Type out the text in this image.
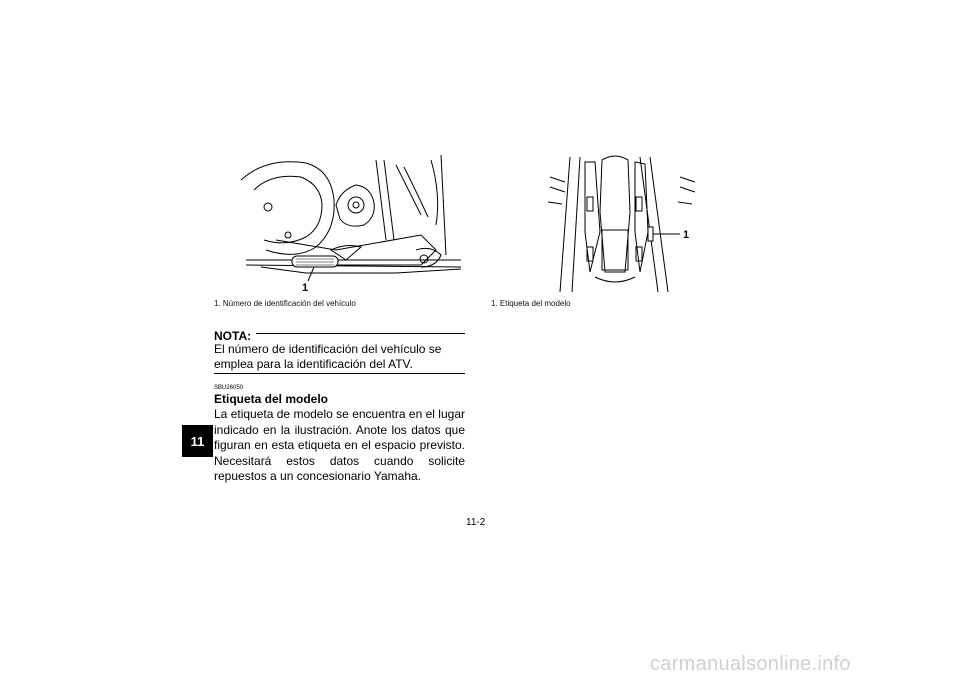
1
1. Número de identificación del vehículo
1
1. Etiqueta del modelo
NOTA:
El número de identificación del vehículo se emplea para la identificación del ATV.
SBU26050
Etiqueta del modelo
La etiqueta de modelo se encuentra en el lugar indicado en la ilustración. Anote los datos que figuran en esta etiqueta en el espacio previsto. Necesitará estos datos cuando solicite repuestos a un concesionario Yamaha.
11
11-2
carmanualsonline.info
